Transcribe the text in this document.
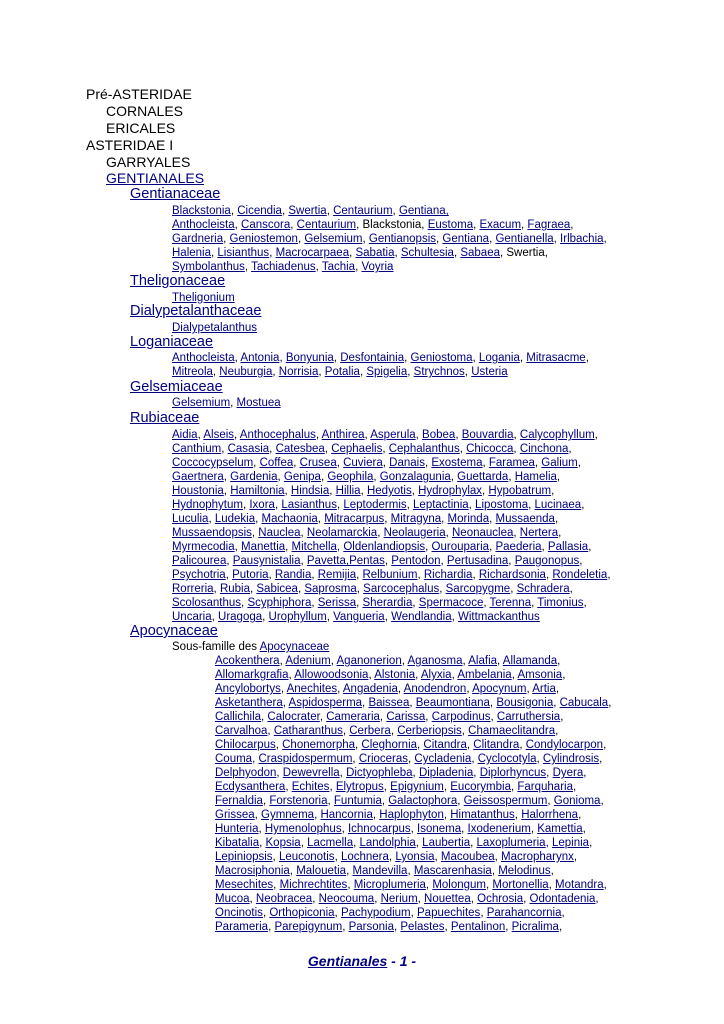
Pré-ASTERIDAE
CORNALES
ERICALES
ASTERIDAE I
GARRYALES
GENTIANALES
Gentianaceae
Theligonaceae
Dialypetalanthaceae
Loganiaceae
Gelsemiaceae
Rubiaceae
Apocynaceae
Sous-famille des Apocynaceae
Blackstonia, Cicendia, Swertia, Centaurium, Gentiana,
Anthocleista, Canscora, Centaurium, Blackstonia, Eustoma, Exacum, Fagraea,
Gardneria, Geniostemon, Gelsemium, Gentianopsis, Gentiana, Gentianella, Irlbachia,
Halenia, Lisianthus, Macrocarpaea, Sabatia, Schultesia, Sabaea, Swertia,
Symbolanthus, Tachiadenus, Tachia, Voyria
Theligonium
Dialypetalanthus
Anthocleista, Antonia, Bonyunia, Desfontainia, Geniostoma, Logania, Mitrasacme,
Mitreola, Neuburgia, Norrisia, Potalia, Spigelia, Strychnos, Usteria
Gelsemium, Mostuea
Aidia, Alseis, Anthocephalus, Anthirea, Asperula, Bobea, Bouvardia, Calycophyllum,
Canthium, Casasia, Catesbea, Cephaelis, Cephalanthus, Chicocca, Cinchona,
Coccocypselum, Coffea, Crusea, Cuviera, Danais, Exostema, Faramea, Galium,
Gaertnera, Gardenia, Genipa, Geophila, Gonzalagunia, Guettarda, Hamelia,
Houstonia, Hamiltonia, Hindsia, Hillia, Hedyotis, Hydrophylax, Hypobatrum,
Hydnophytum, Ixora, Lasianthus, Leptodermis, Leptactinia, Lipostoma, Lucinaea,
Luculia, Ludekia, Machaonia, Mitracarpus, Mitragyna, Morinda, Mussaenda,
Mussaendopsis, Nauclea, Neolamarckia, Neolaugeria, Neonauclea, Nertera,
Myrmecodia, Manettia, Mitchella, Oldenlandiopsis, Ourouparia, Paederia, Pallasia,
Palicourea, Pausynistalia, Pavetta,Pentas, Pentodon, Pertusadina, Paugonopus,
Psychotria, Putoria, Randia, Remijia, Relbunium, Richardia, Richardsonia, Rondeletia,
Rorreria, Rubia, Sabicea, Saprosma, Sarcocephalus, Sarcopygme, Schradera,
Scolosanthus, Scyphiphora, Serissa, Sherardia, Spermacoce, Terenna, Timonius,
Uncaria, Uragoga, Urophyllum, Vangueria, Wendlandia, Wittmackanthus
Acokenthera, Adenium, Aganonerion, Aganosma, Alafia, Allamanda,
Allomarkgrafia, Allowoodsonia, Alstonia, Alyxia, Ambelania, Amsonia,
Ancylobortys, Anechites, Angadenia, Anodendron, Apocynum, Artia,
Asketanthera, Aspidosperma, Baissea, Beaumontiana, Bousigonia, Cabucala,
Callichila, Calocrater, Cameraria, Carissa, Carpodinus, Carruthersia,
Carvalhoa, Catharanthus, Cerbera, Cerberiopsis, Chamaeclitandra,
Chilocarpus, Chonemorpha, Cleghornia, Citandra, Clitandra, Condylocarpon,
Couma, Craspidospermum, Crioceras, Cycladenia, Cyclocotyla, Cylindrosis,
Delphyodon, Dewevrella, Dictyophleba, Dipladenia, Diplorhyncus, Dyera,
Ecdysanthera, Echites, Elytropus, Epigynium, Eucorymbia, Farquharia,
Fernaldia, Forstenoria, Funtumia, Galactophora, Geissospermum, Gonioma,
Grissea, Gymnema, Hancornia, Haplophyton, Himatanthus, Halorrhena,
Hunteria, Hymenolophus, Ichnocarpus, Isonema, Ixodenerium, Kamettia,
Kibatalia, Kopsia, Lacmella, Landolphia, Laubertia, Laxoplumeria, Lepinia,
Lepiniopsis, Leuconotis, Lochnera, Lyonsia, Macoubea, Macropharynx,
Macrosiphonia, Malouetia, Mandevilla, Mascarenhasia, Melodinus,
Mesechites, Michrechtites, Microplumeria, Molongum, Mortonellia, Motandra,
Mucoa, Neobracea, Neocouma, Nerium, Nouettea, Ochrosia, Odontadenia,
Oncinotis, Orthopiconia, Pachypodium, Papuechites, Parahancornia,
Parameria, Parepigynum, Parsonia, Pelastes, Pentalinon, Picralima,
Gentianales - 1 -
